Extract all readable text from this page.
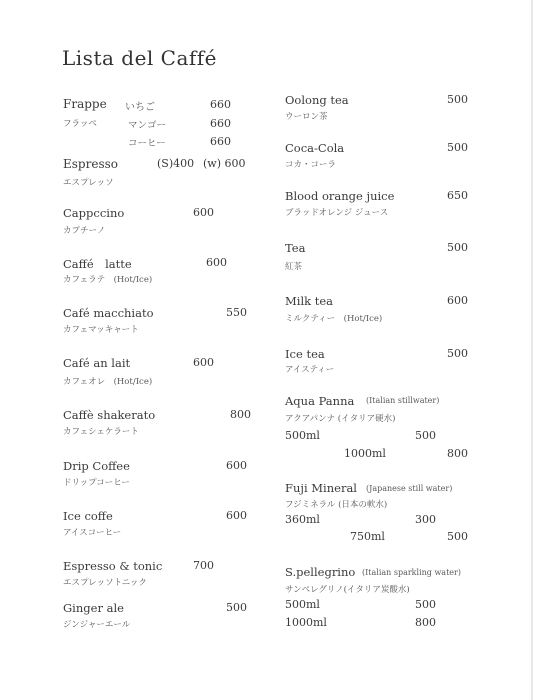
Lista del Caffé
Frappe
フラッペ
いちご	660
マンゴー	660
コーヒー	660
Espresso	(S)400 (w) 600
エスプレッソ
Cappccino	600
カプチーノ
Caffé　latte	600
カフェラテ　(Hot/Ice)
Café macchiato	550
カフェマッキャート
Café an lait	600
カフェオレ　(Hot/Ice)
Caffè shakerato	800
カフェシェケラート
Drip Coffee	600
ドリップコーヒー
Ice coffe	600
アイスコーヒー
Espresso & tonic	700
エスプレッソトニック
Ginger ale	500
ジンジャーエール
Oolong tea	500
ウーロン茶
Coca-Cola	500
コカ・コーラ
Blood orange juice	650
ブラッドオレンジ ジュース
Tea	500
紅茶
Milk tea	600
ミルクティー　(Hot/Ice)
Ice tea	500
アイスティー
Aqua Panna (Italian stillwater)
アクアパンナ (イタリア硬水)
500ml	500
1000ml	800
Fuji Mineral (Japanese still water)
フジミネラル (日本の軟水)
360ml	300
750ml	500
S.pellegrino (Italian sparkling water)
サンペレグリノ(イタリア炭酸水)
500ml	500
1000ml	800
